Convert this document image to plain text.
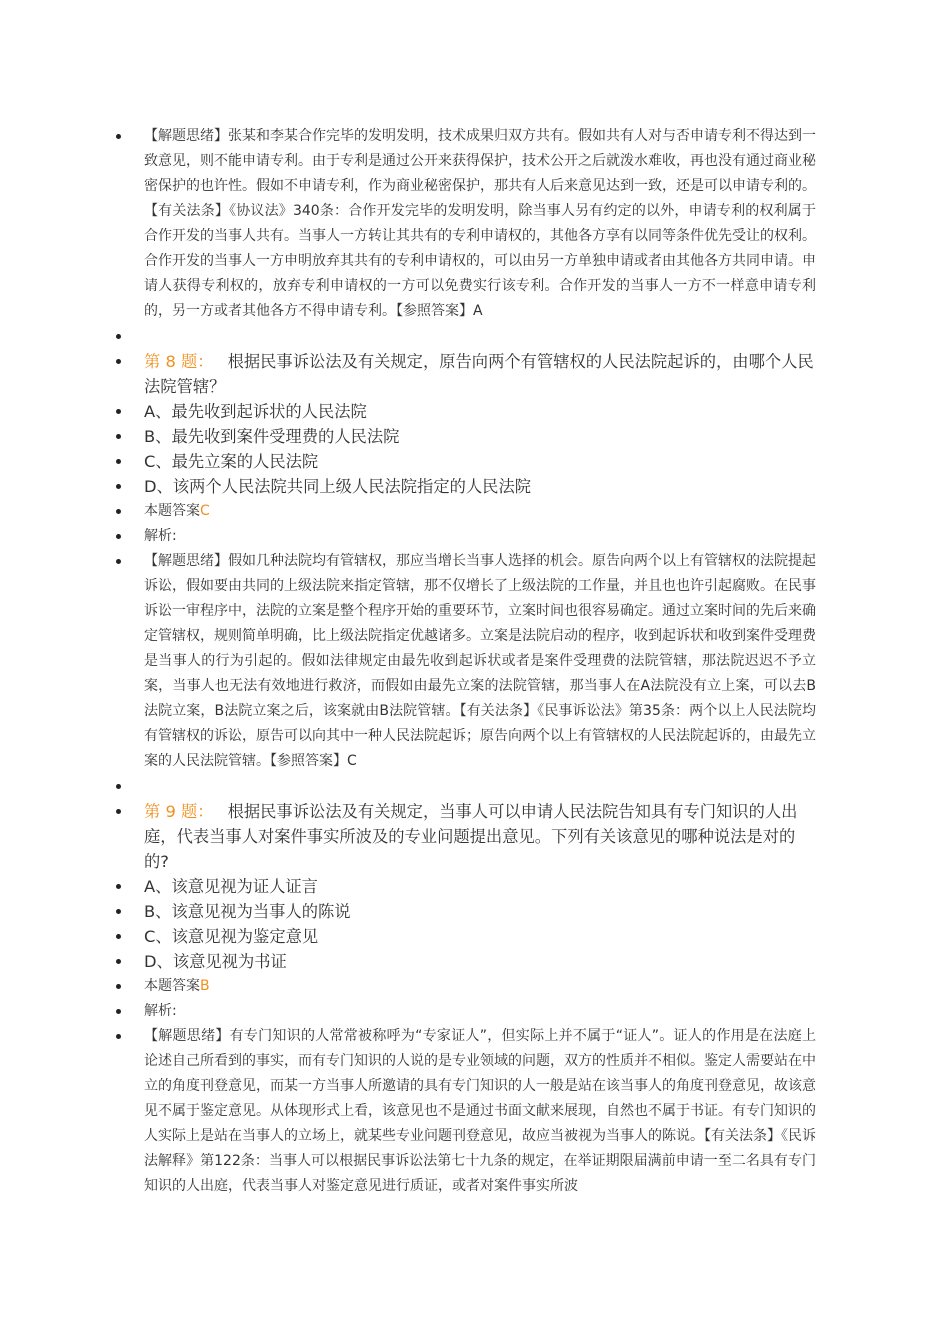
【解题思绪】张某和李某合作完毕的发明发明，技术成果归双方共有。假如共有人对与否申请专利不得达到一致意见，则不能申请专利。由于专利是通过公开来获得保护，技术公开之后就泼水难收，再也没有通过商业秘密保护的也许性。假如不申请专利，作为商业秘密保护，那共有人后来意见达到一致，还是可以申请专利的。【有关法条】《协议法》340条：合作开发完毕的发明发明，除当事人另有约定的以外，申请专利的权利属于合作开发的当事人共有。当事人一方转让其共有的专利申请权的，其他各方享有以同等条件优先受让的权利。合作开发的当事人一方申明放弃其共有的专利申请权的，可以由另一方单独申请或者由其他各方共同申请。申请人获得专利权的，放弃专利申请权的一方可以免费实行该专利。合作开发的当事人一方不一样意申请专利的，另一方或者其他各方不得申请专利。【参照答案】A
第 8 题： 根据民事诉讼法及有关规定，原告向两个有管辖权的人民法院起诉的，由哪个人民法院管辖？
A、最先收到起诉状的人民法院
B、最先收到案件受理费的人民法院
C、最先立案的人民法院
D、该两个人民法院共同上级人民法院指定的人民法院
本题答案C
解析:
【解题思绪】假如几种法院均有管辖权，那应当增长当事人选择的机会。原告向两个以上有管辖权的法院提起诉讼，假如要由共同的上级法院来指定管辖，那不仅增长了上级法院的工作量，并且也也许引起腐败。在民事诉讼一审程序中，法院的立案是整个程序开始的重要环节，立案时间也很容易确定。通过立案时间的先后来确定管辖权，规则简单明确，比上级法院指定优越诸多。立案是法院启动的程序，收到起诉状和收到案件受理费是当事人的行为引起的。假如法律规定由最先收到起诉状或者是案件受理费的法院管辖，那法院迟迟不予立案，当事人也无法有效地进行救济，而假如由最先立案的法院管辖，那当事人在A法院没有立上案，可以去B法院立案，B法院立案之后，该案就由B法院管辖。【有关法条】《民事诉讼法》第35条：两个以上人民法院均有管辖权的诉讼，原告可以向其中一种人民法院起诉；原告向两个以上有管辖权的人民法院起诉的，由最先立案的人民法院管辖。【参照答案】C
第 9 题： 根据民事诉讼法及有关规定，当事人可以申请人民法院告知具有专门知识的人出庭，代表当事人对案件事实所波及的专业问题提出意见。下列有关该意见的哪种说法是对的的?
A、该意见视为证人证言
B、该意见视为当事人的陈说
C、该意见视为鉴定意见
D、该意见视为书证
本题答案B
解析:
【解题思绪】有专门知识的人常常被称呼为“专家证人”，但实际上并不属于“证人”。证人的作用是在法庭上论述自己所看到的事实，而有专门知识的人说的是专业领域的问题，双方的性质并不相似。鉴定人需要站在中立的角度刊登意见，而某一方当事人所邀请的具有专门知识的人一般是站在该当事人的角度刊登意见，故该意见不属于鉴定意见。从体现形式上看，该意见也不是通过书面文献来展现，自然也不属于书证。有专门知识的人实际上是站在当事人的立场上，就某些专业问题刊登意见，故应当被视为当事人的陈说。【有关法条】《民诉法解释》第122条：当事人可以根据民事诉讼法第七十九条的规定，在举证期限届满前申请一至二名具有专门知识的人出庭，代表当事人对鉴定意见进行质证，或者对案件事实所波
